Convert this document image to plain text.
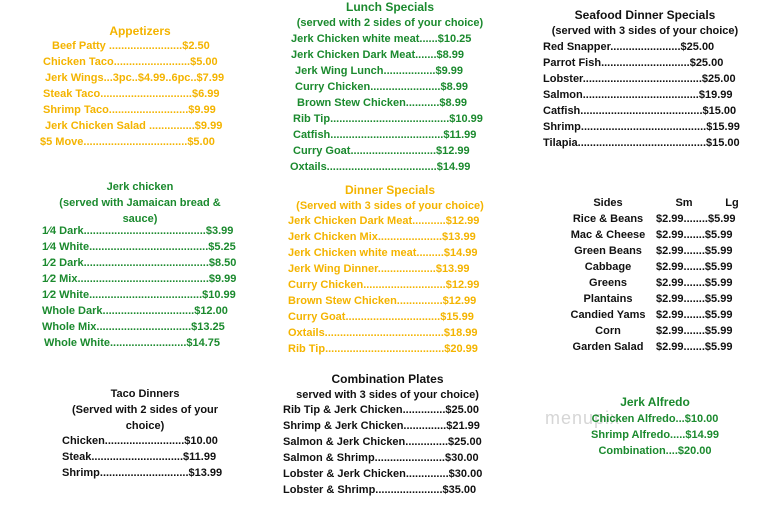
Appetizers
Beef Patty ........................$2.50
Chicken Taco.........................$5.00
Jerk Wings...3pc..$4.99..6pc..$7.99
Steak Taco..............................$6.99
Shrimp Taco..........................$9.99
Jerk Chicken Salad ...............$9.99
$5 Move..................................$5.00
Lunch Specials
(served with 2 sides of your choice)
Jerk Chicken white meat......$10.25
Jerk Chicken Dark Meat.......$8.99
Jerk Wing Lunch.................$9.99
Curry Chicken.......................$8.99
Brown Stew Chicken...........$8.99
Rib Tip.......................................$10.99
Catfish.....................................$11.99
Curry Goat............................$12.99
Oxtails....................................$14.99
Seafood Dinner Specials
(served with 3 sides of your choice)
Red Snapper.......................$25.00
Parrot Fish.............................$25.00
Lobster.......................................$25.00
Salmon......................................$19.99
Catfish........................................$15.00
Shrimp.........................................$15.99
Tilapia..........................................$15.00
Jerk chicken
(served with Jamaican bread &
sauce)
1⁄4 Dark........................................$3.99
1⁄4 White.......................................$5.25
1⁄2 Dark.........................................$8.50
1⁄2 Mix...........................................$9.99
1⁄2 White.....................................$10.99
Whole Dark..............................$12.00
Whole Mix...............................$13.25
Whole White.........................$14.75
Dinner Specials
(Served with 3 sides of your choice)
Jerk Chicken Dark Meat...........$12.99
Jerk Chicken Mix.....................$13.99
Jerk Chicken white meat.........$14.99
Jerk Wing Dinner...................$13.99
Curry Chicken...........................$12.99
Brown Stew Chicken...............$12.99
Curry Goat...............................$15.99
Oxtails.......................................$18.99
Rib Tip.......................................$20.99
Sides	Sm	Lg
Rice & Beans	$2.99........$5.99
Mac & Cheese $2.99.......$5.99
Green Beans	$2.99.......$5.99
Cabbage	$2.99.......$5.99
Greens	$2.99.......$5.99
Plantains	$2.99.......$5.99
Candied Yams $2.99.......$5.99
Corn	$2.99.......$5.99
Garden Salad	$2.99.......$5.99
Taco Dinners
(Served with 2 sides of your
choice)
Chicken..........................$10.00
Steak..............................$11.99
Shrimp.............................$13.99
Combination Plates
served with 3 sides of your choice)
Rib Tip & Jerk Chicken..............$25.00
Shrimp & Jerk Chicken..............$21.99
Salmon & Jerk Chicken..............$25.00
Salmon & Shrimp.......................$30.00
Lobster & Jerk Chicken..............$30.00
Lobster & Shrimp......................$35.00
menupix
Jerk Alfredo
Chicken Alfredo...$10.00
Shrimp Alfredo.....$14.99
Combination....$20.00
